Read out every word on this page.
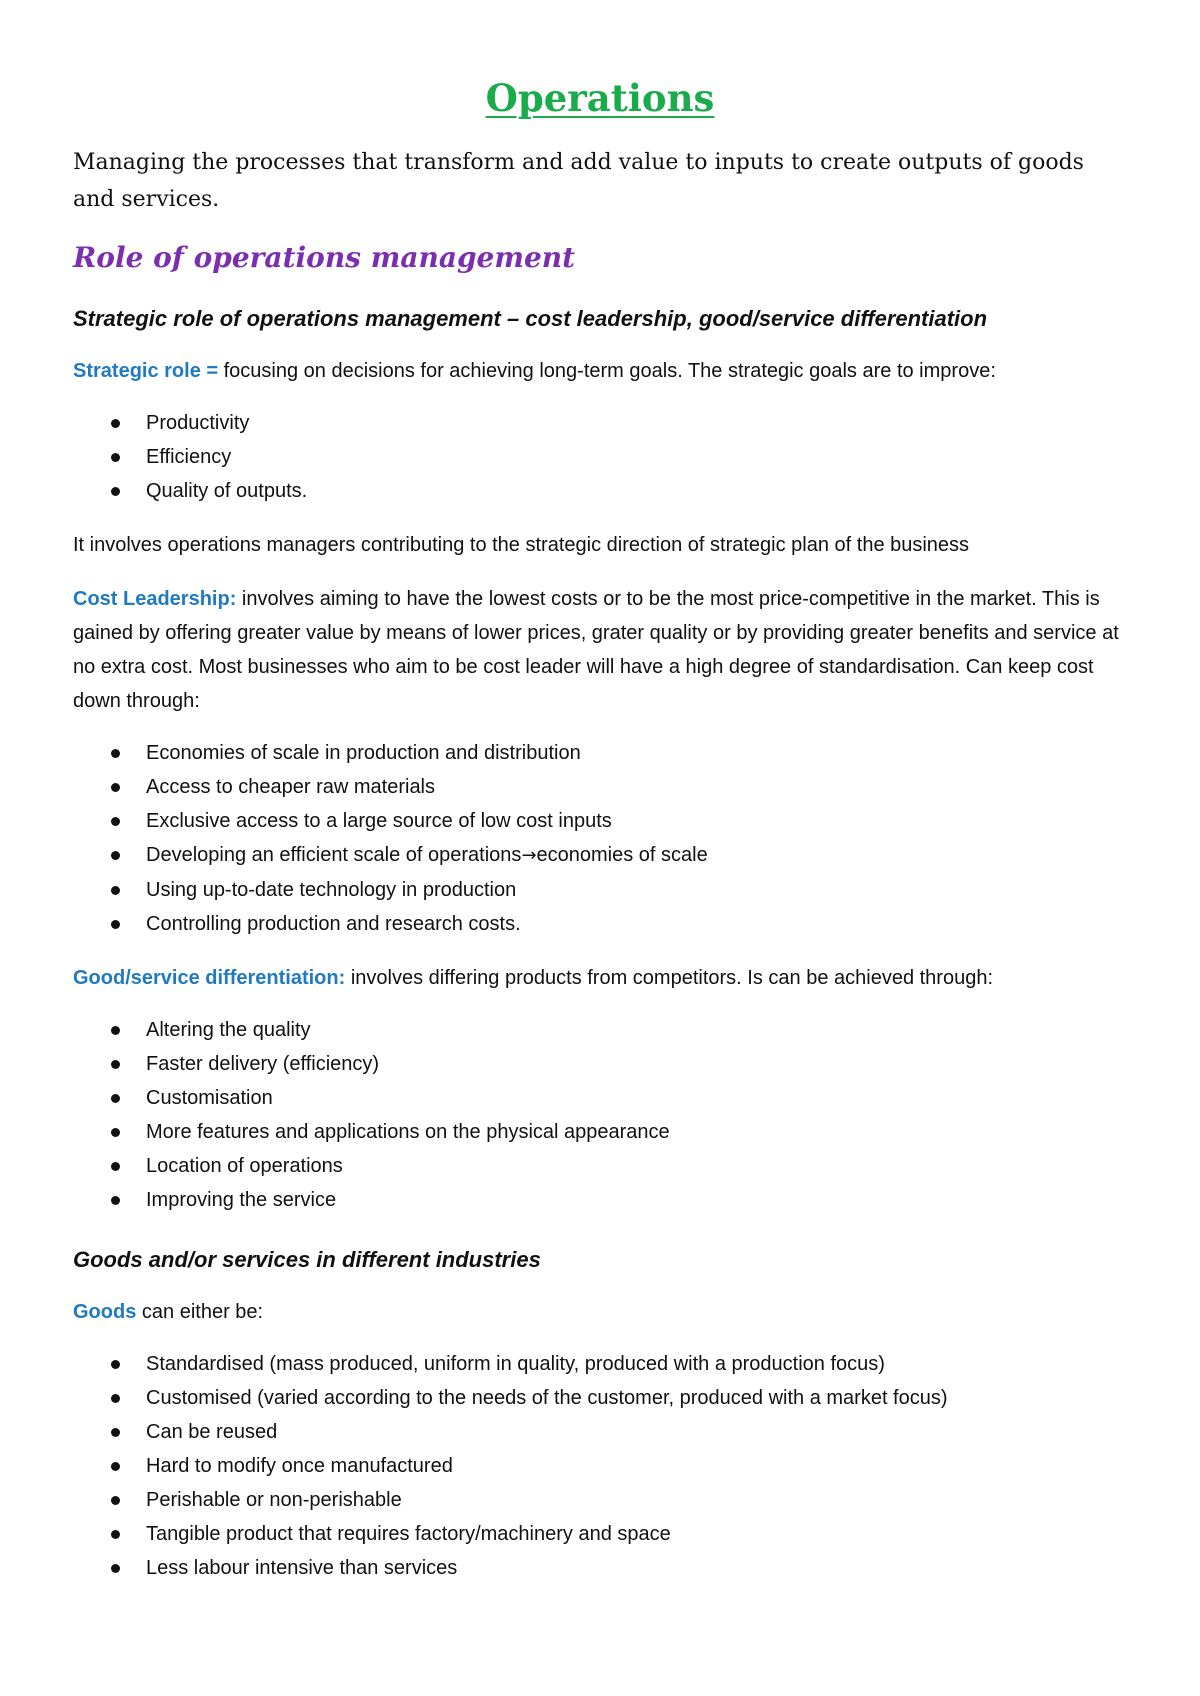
Operations

Managing the processes that transform and add value to inputs to create outputs of goods and services.

Role of operations management
Strategic role of operations management – cost leadership, good/service differentiation

Strategic role = focusing on decisions for achieving long-term goals. The strategic goals are to improve:

Productivity
Efficiency
Quality of outputs.

It involves operations managers contributing to the strategic direction of strategic plan of the business

Cost Leadership: involves aiming to have the lowest costs or to be the most price-competitive in the market. This is gained by offering greater value by means of lower prices, grater quality or by providing greater benefits and service at no extra cost. Most businesses who aim to be cost leader will have a high degree of standardisation. Can keep cost down through:

Economies of scale in production and distribution
Access to cheaper raw materials
Exclusive access to a large source of low cost inputs
Developing an efficient scale of operations→economies of scale
Using up-to-date technology in production
Controlling production and research costs.

Good/service differentiation: involves differing products from competitors. Is can be achieved through:

Altering the quality
Faster delivery (efficiency)
Customisation
More features and applications on the physical appearance
Location of operations
Improving the service
Goods and/or services in different industries

Goods can either be:

Standardised (mass produced, uniform in quality, produced with a production focus)
Customised (varied according to the needs of the customer, produced with a market focus)
Can be reused
Hard to modify once manufactured
Perishable or non-perishable
Tangible product that requires factory/machinery and space
Less labour intensive than services
